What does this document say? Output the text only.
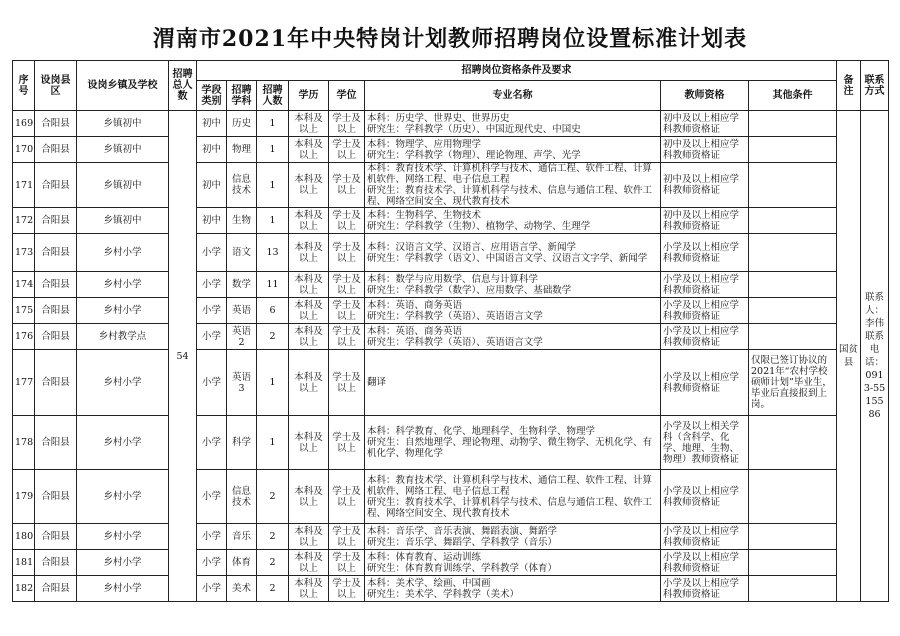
渭南市2021年中央特岗计划教师招聘岗位设置标准计划表
序号	设岗县区	设岗乡镇及学校	招聘总人数	招聘岗位资格条件及要求								备注	联系方式
				学段类别	招聘学科	招聘人数	学历	学位	专业名称	教师资格	其他条件		
169	合阳县	乡镇初中	54	初中	历史	1	本科及以上	学士及以上	本科：历史学、世界史、世界历史
研究生：学科教学（历史）、中国近现代史、中国史	初中及以上相应学科教师资格证		国贫县	联系人：李伟 联系电话：0913-5515586
170	合阳县	乡镇初中		初中	物理	1	本科及以上	学士及以上	本科：物理学、应用物理学
研究生：学科教学（物理）、理论物理、声学、光学	初中及以上相应学科教师资格证			
171	合阳县	乡镇初中		初中	信息技术	1	本科及以上	学士及以上	本科：教育技术学、计算机科学与技术、通信工程、软件工程、计算机软件、网络工程、电子信息工程
研究生：教育技术学、计算机科学与技术、信息与通信工程、软件工程、网络空间安全、现代教育技术	初中及以上相应学科教师资格证			
172	合阳县	乡镇初中		初中	生物	1	本科及以上	学士及以上	本科：生物科学、生物技术
研究生：学科教学（生物）、植物学、动物学、生理学	初中及以上相应学科教师资格证			
173	合阳县	乡村小学		小学	语文	13	本科及以上	学士及以上	本科：汉语言文学、汉语言、应用语言学、新闻学
研究生：学科教学（语文）、中国语言文学、汉语言文字学、新闻学	小学及以上相应学科教师资格证			
174	合阳县	乡村小学		小学	数学	11	本科及以上	学士及以上	本科：数学与应用数学、信息与计算科学
研究生：学科教学（数学）、应用数学、基础数学	小学及以上相应学科教师资格证			
175	合阳县	乡村小学		小学	英语	6	本科及以上	学士及以上	本科：英语、商务英语
研究生：学科教学（英语）、英语语言文学	小学及以上相应学科教师资格证			
176	合阳县	乡村教学点		小学	英语2	2	本科及以上	学士及以上	本科：英语、商务英语
研究生：学科教学（英语）、英语语言文学	小学及以上相应学科教师资格证			
177	合阳县	乡村小学		小学	英语3	1	本科及以上	学士及以上	翻译	小学及以上相应学科教师资格证	仅限已签订协议的2021年“农村学校硕师计划”毕业生，毕业后直接报到上岗。		
178	合阳县	乡村小学		小学	科学	1	本科及以上	学士及以上	本科：科学教育、化学、地理科学、生物科学、物理学
研究生：自然地理学、理论物理、动物学、微生物学、无机化学、有机化学、物理化学	小学及以上相关学科（含科学、化学、地理、生物、物理）教师资格证			
179	合阳县	乡村小学		小学	信息技术	2	本科及以上	学士及以上	本科：教育技术学、计算机科学与技术、通信工程、软件工程、计算机软件、网络工程、电子信息工程
研究生：教育技术学、计算机科学与技术、信息与通信工程、软件工程、网络空间安全、现代教育技术	小学及以上相应学科教师资格证			
180	合阳县	乡村小学		小学	音乐	2	本科及以上	学士及以上	本科：音乐学、音乐表演、舞蹈表演、舞蹈学
研究生：音乐学、舞蹈学、学科教学（音乐）	小学及以上相应学科教师资格证			
181	合阳县	乡村小学		小学	体育	2	本科及以上	学士及以上	本科：体育教育、运动训练
研究生：体育教育训练学、学科教学（体育）	小学及以上相应学科教师资格证			
182	合阳县	乡村小学		小学	美术	2	本科及以上	学士及以上	本科：美术学、绘画、中国画
研究生：美术学、学科教学（美术）	小学及以上相应学科教师资格证			
